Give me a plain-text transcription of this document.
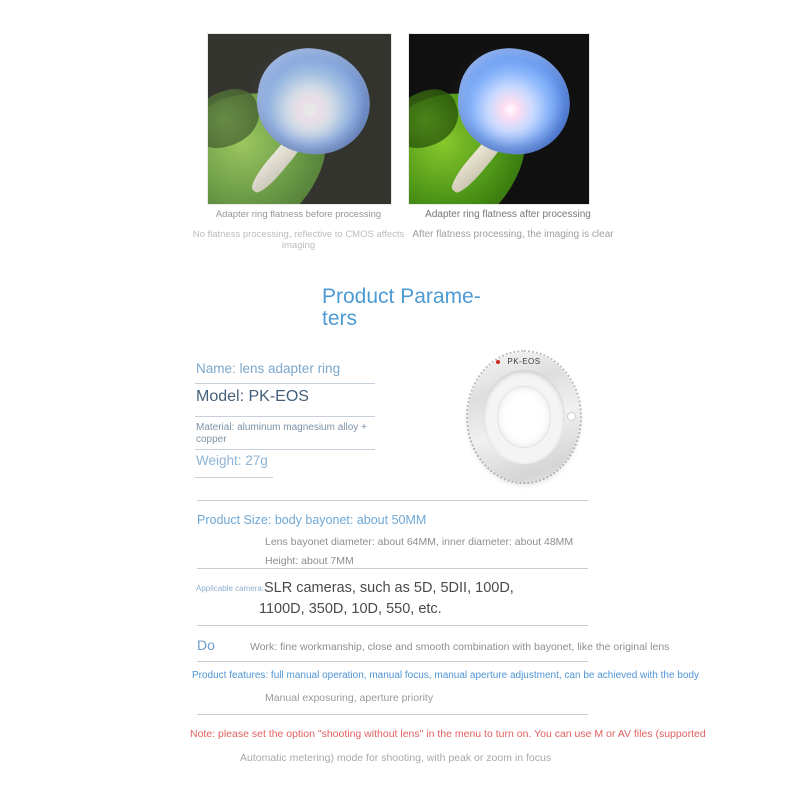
Adapter ring flatness before processing
No flatness processing, reflective to CMOS affects imaging
Adapter ring flatness after processing
After flatness processing, the imaging is clear
Product Parame-
ters
Name: lens adapter ring
Model: PK-EOS
Material: aluminum magnesium alloy + copper
Weight: 27g
PK-EOS
Product Size: body bayonet: about 50MM
Lens bayonet diameter: about 64MM, inner diameter: about 48MM
Height: about 7MM
Applicable camera: SLR cameras, such as 5D, 5DII, 100D,
1100D, 350D, 10D, 550, etc.
Do	Work: fine workmanship, close and smooth combination with bayonet, like the original lens
Product features: full manual operation, manual focus, manual aperture adjustment, can be achieved with the body
Manual exposuring, aperture priority
Note: please set the option "shooting without lens" in the menu to turn on. You can use M or AV files (supported
Automatic metering) mode for shooting, with peak or zoom in focus
